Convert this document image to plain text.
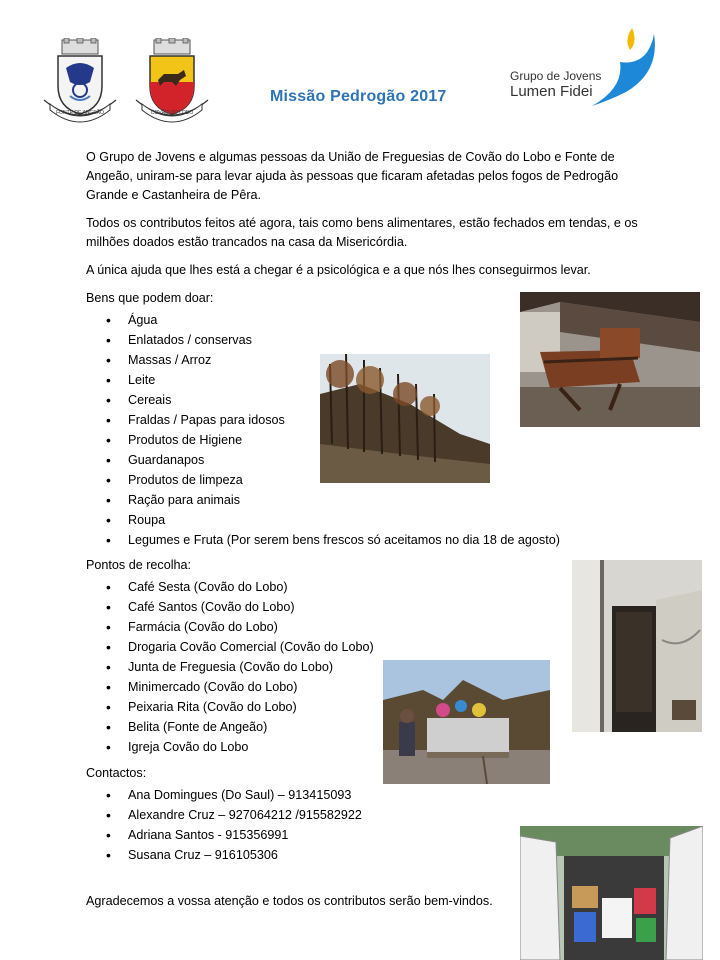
FONTE DE ANGEÃO	COVÃO DO LOBO
Missão Pedrogão 2017
Grupo de Jovens
Lumen Fidei
O Grupo de Jovens e algumas pessoas da União de Freguesias de Covão do Lobo e Fonte de Angeão, uniram-se para levar ajuda às pessoas que ficaram afetadas pelos fogos de Pedrogão Grande e Castanheira de Pêra.
Todos os contributos feitos até agora, tais como bens alimentares, estão fechados em tendas, e os milhões doados estão trancados na casa da Misericórdia.
A única ajuda que lhes está a chegar é a psicológica e a que nós lhes conseguirmos levar.
Bens que podem doar:
• Água
• Enlatados / conservas
• Massas / Arroz
• Leite
• Cereais
• Fraldas / Papas para idosos
• Produtos de Higiene
• Guardanapos
• Produtos de limpeza
• Ração para animais
• Roupa
• Legumes e Fruta (Por serem bens frescos só aceitamos no dia 18 de agosto)
Pontos de recolha:
• Café Sesta (Covão do Lobo)
• Café Santos (Covão do Lobo)
• Farmácia (Covão do Lobo)
• Drogaria Covão Comercial (Covão do Lobo)
• Junta de Freguesia (Covão do Lobo)
• Minimercado (Covão do Lobo)
• Peixaria Rita (Covão do Lobo)
• Belita (Fonte de Angeão)
• Igreja Covão do Lobo
Contactos:
• Ana Domingues (Do Saul) – 913415093
• Alexandre Cruz – 927064212 /915582922
• Adriana Santos - 915356991
• Susana Cruz – 916105306
Agradecemos a vossa atenção e todos os contributos serão bem-vindos.
